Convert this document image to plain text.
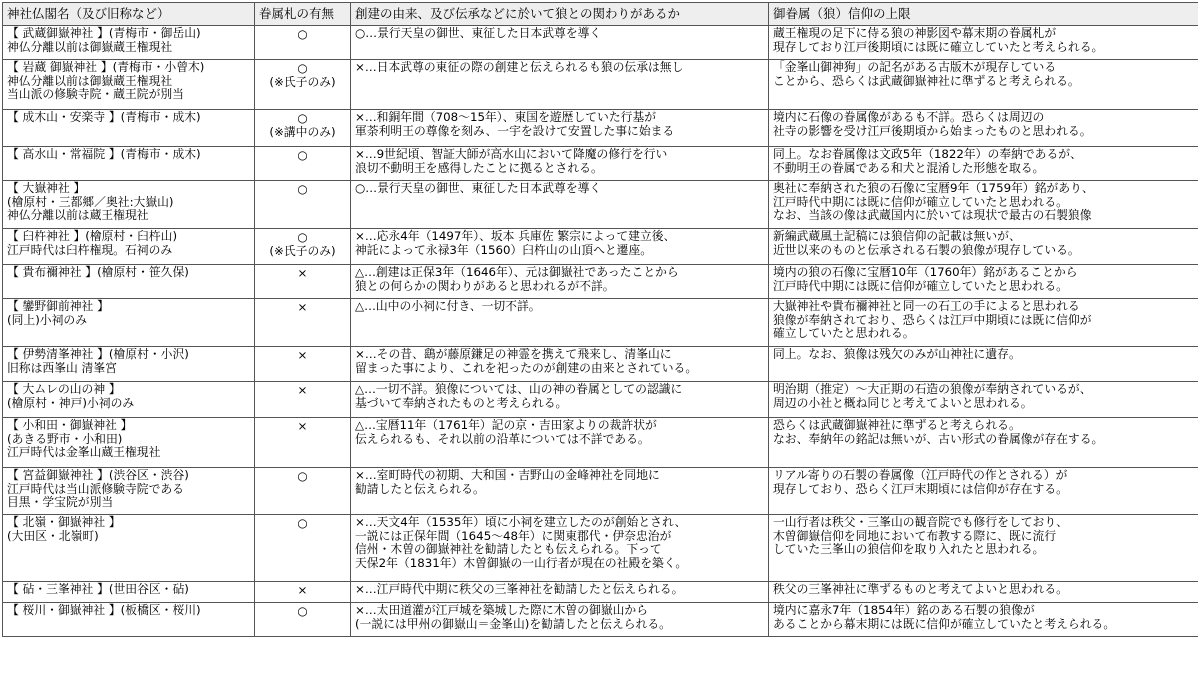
神社仏閣名（及び旧称など）	眷属札の有無	創建の由来、及び伝承などに於いて狼との関わりがあるか	御眷属（狼）信仰の上限
【 武蔵御嶽神社 】(青梅市・御岳山)
神仏分離以前は御嶽蔵王権現社	○	○…景行天皇の御世、東征した日本武尊を導く	蔵王権現の足下に侍る狼の神影図や幕末期の眷属札が
現存しており江戸後期頃には既に確立していたと考えられる。
【 岩蔵 御嶽神社 】(青梅市・小曾木)
神仏分離以前は御嶽蔵王権現社
当山派の修験寺院・蔵王院が別当	○
(※氏子のみ)	×…日本武尊の東征の際の創建と伝えられるも狼の伝承は無し	「金峯山御神狗」の記名がある古版木が現存している
ことから、恐らくは武蔵御嶽神社に準ずると考えられる。
【 成木山・安楽寺 】(青梅市・成木)	○
(※講中のみ)	×…和銅年間（708～15年）、東国を遊歴していた行基が
軍荼利明王の尊像を刻み、一宇を設けて安置した事に始まる	境内に石像の眷属像があるも不詳。恐らくは周辺の
社寺の影響を受け江戸後期頃から始まったものと思われる。
【 高水山・常福院 】(青梅市・成木)	○	×…9世紀頃、智証大師が高水山において降魔の修行を行い
浪切不動明王を感得したことに拠るとされる。	同上。なお眷属像は文政5年（1822年）の奉納であるが、
不動明王の眷属である和犬と混淆した形態を取る。
【 大嶽神社 】
(檜原村・三都郷／奥社:大嶽山)
神仏分離以前は蔵王権現社	○	○…景行天皇の御世、東征した日本武尊を導く	奥社に奉納された狼の石像に宝暦9年（1759年）銘があり、
江戸時代中期には既に信仰が確立していたと思われる。
なお、当該の像は武蔵国内に於いては現状で最古の石製狼像
【 臼杵神社 】(檜原村・臼杵山)
江戸時代は臼杵権現。石祠のみ	○
(※氏子のみ)	×…応永4年（1497年）、坂本 兵庫佐 繁宗によって建立後、
神託によって永禄3年（1560）臼杵山の山頂へと遷座。	新編武蔵風土記稿には狼信仰の記載は無いが、
近世以来のものと伝承される石製の狼像が現存している。
【 貴布禰神社 】(檜原村・笹久保)	×	△…創建は正保3年（1646年）、元は御嶽社であったことから
狼との何らかの関わりがあると思われるが不詳。	境内の狼の石像に宝暦10年（1760年）銘があることから
江戸時代中期には既に信仰が確立していたと思われる。
【 鑾野御前神社 】
(同上)小祠のみ	×	△…山中の小祠に付き、一切不詳。	大嶽神社や貴布禰神社と同一の石工の手によると思われる
狼像が奉納されており、恐らくは江戸中期頃には既に信仰が
確立していたと思われる。
【 伊勢清峯神社 】(檜原村・小沢)
旧称は西峯山 清峯宮	×	×…その昔、鷂が藤原鎌足の神霊を携えて飛来し、清峯山に
留まった事により、これを祀ったのが創建の由来とされている。	同上。なお、狼像は残欠のみが山神社に遺存。
【 大ムレの山の神 】
(檜原村・神戸)小祠のみ	×	△…一切不詳。狼像については、山の神の眷属としての認識に
基づいて奉納されたものと考えられる。	明治期（推定）～大正期の石造の狼像が奉納されているが、
周辺の小社と概ね同じと考えてよいと思われる。
【 小和田・御嶽神社 】
(あきる野市・小和田)
江戸時代は金峯山蔵王権現社	×	△…宝暦11年（1761年）記の京・吉田家よりの裁許状が
伝えられるも、それ以前の沿革については不詳である。	恐らくは武蔵御嶽神社に準ずると考えられる。
なお、奉納年の銘記は無いが、古い形式の眷属像が存在する。
【 宮益御嶽神社 】(渋谷区・渋谷)
江戸時代は当山派修験寺院である
目黒・学宝院が別当	○	×…室町時代の初期、大和国・吉野山の金峰神社を同地に
勧請したと伝えられる。	リアル寄りの石製の眷属像（江戸時代の作とされる）が
現存しており、恐らく江戸末期頃には信仰が存在する。
【 北嶺・御嶽神社 】
(大田区・北嶺町)	○	×…天文4年（1535年）頃に小祠を建立したのが創始とされ、
一説には正保年間（1645～48年）に関東郡代・伊奈忠治が
信州・木曽の御嶽神社を勧請したとも伝えられる。下って
天保2年（1831年）木曽御嶽の一山行者が現在の社殿を築く。	一山行者は秩父・三峯山の観音院でも修行をしており、
木曽御嶽信仰を同地において布教する際に、既に流行
していた三峯山の狼信仰を取り入れたと思われる。
【 砧・三峯神社 】(世田谷区・砧)	×	×…江戸時代中期に秩父の三峯神社を勧請したと伝えられる。	秩父の三峯神社に準ずるものと考えてよいと思われる。
【 桜川・御嶽神社 】(板橋区・桜川)	○	×…太田道灌が江戸城を築城した際に木曽の御嶽山から
(一説には甲州の御嶽山＝金峯山)を勧請したと伝えられる。	境内に嘉永7年（1854年）銘のある石製の狼像が
あることから幕末期には既に信仰が確立していたと考えられる。
